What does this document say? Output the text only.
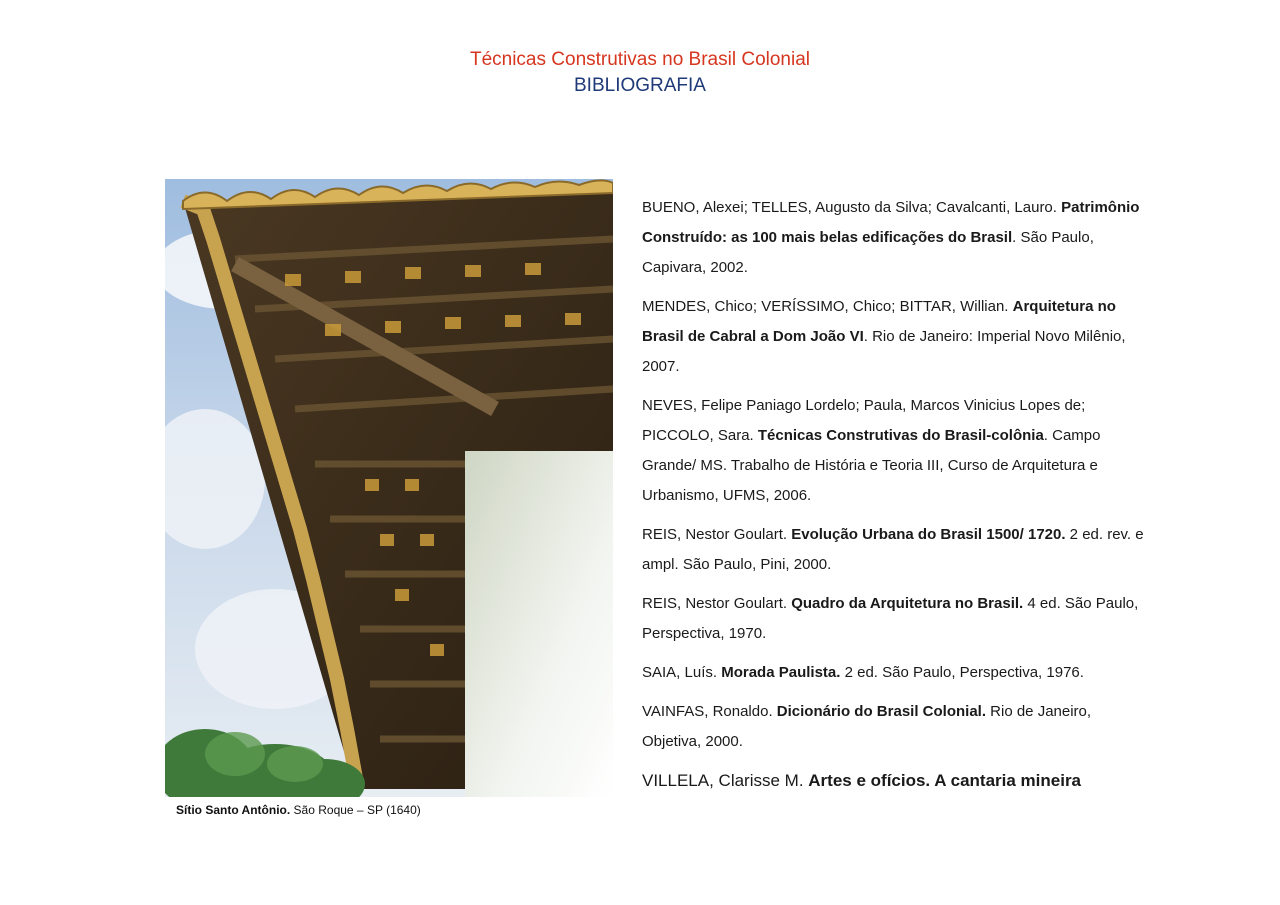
Técnicas Construtivas no Brasil Colonial
BIBLIOGRAFIA
Sítio Santo Antônio. São Roque – SP (1640)
BUENO, Alexei; TELLES, Augusto da Silva; Cavalcanti, Lauro. Patrimônio Construído: as 100 mais belas edificações do Brasil. São Paulo, Capivara, 2002.
MENDES, Chico; VERÍSSIMO, Chico; BITTAR, Willian. Arquitetura no Brasil de Cabral a Dom João VI. Rio de Janeiro: Imperial Novo Milênio, 2007.
NEVES, Felipe Paniago Lordelo; Paula, Marcos Vinicius Lopes de; PICCOLO, Sara. Técnicas Construtivas do Brasil-colônia. Campo Grande/ MS. Trabalho de História e Teoria III, Curso de Arquitetura e Urbanismo, UFMS, 2006.
REIS, Nestor Goulart. Evolução Urbana do Brasil 1500/ 1720. 2 ed. rev. e ampl. São Paulo, Pini, 2000.
REIS, Nestor Goulart. Quadro da Arquitetura no Brasil. 4 ed. São Paulo, Perspectiva, 1970.
SAIA, Luís. Morada Paulista. 2 ed. São Paulo, Perspectiva, 1976.
VAINFAS, Ronaldo. Dicionário do Brasil Colonial. Rio de Janeiro, Objetiva, 2000.
VILLELA, Clarisse M. Artes e ofícios. A cantaria mineira
